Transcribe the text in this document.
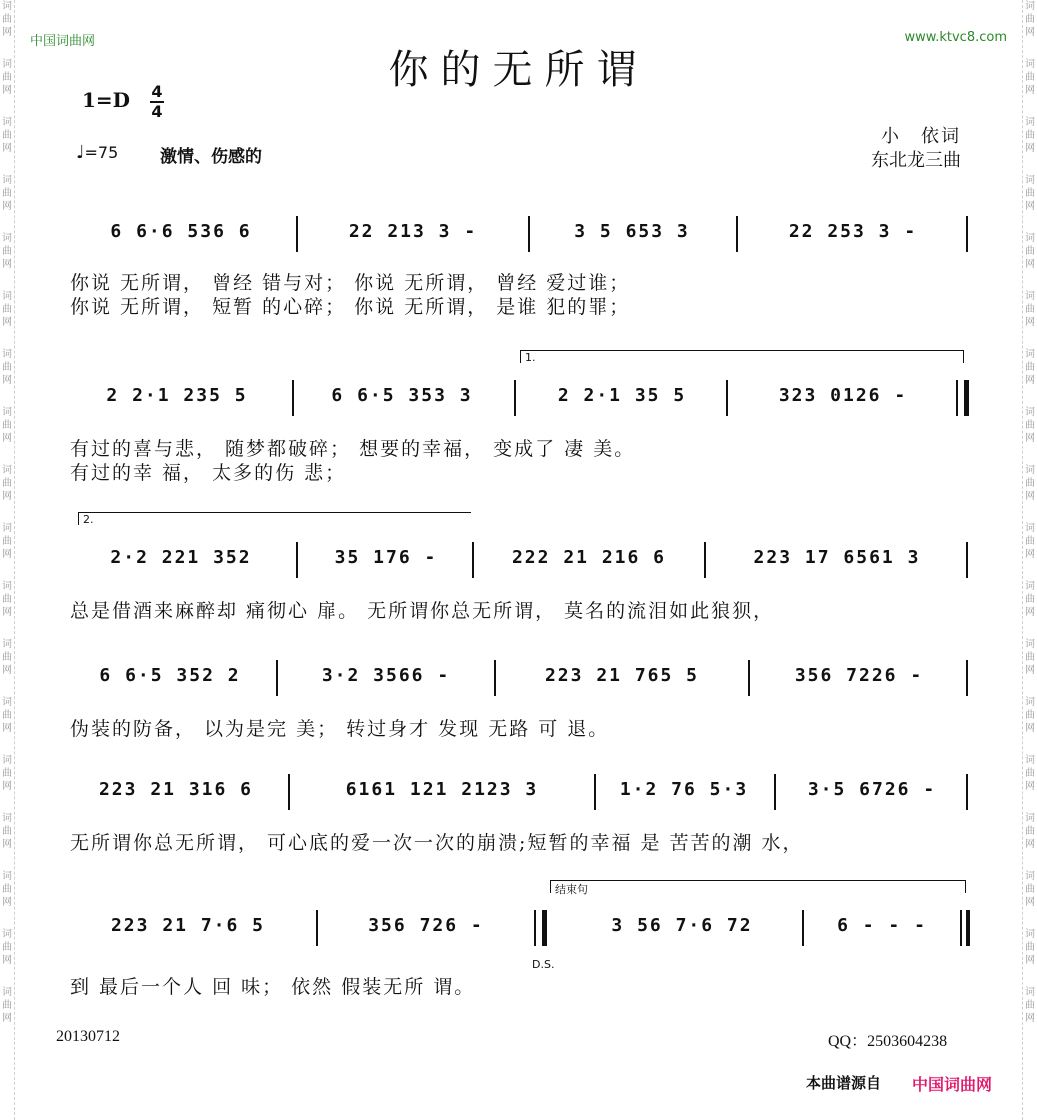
词
曲
网
词
曲
网
词
曲
网
词
曲
网
词
曲
网
词
曲
网
词
曲
网
词
曲
网
词
曲
网
词
曲
网
词
曲
网
词
曲
网
词
曲
网
词
曲
网
词
曲
网
词
曲
网
词
曲
网
词
曲
网
词
曲
网
词
曲
网
词
曲
网
词
曲
网
词
曲
网
词
曲
网
词
曲
网
词
曲
网
词
曲
网
词
曲
网
词
曲
网
词
曲
网
词
曲
网
词
曲
网
词
曲
网
词
曲
网
词
曲
网
词
曲
网
中国词曲网	www.ktvc8.com
你的无所谓
1=D 4
4
♩=75 激情、伤感的
小　依词
东北龙三曲
6 6·6 536 6	22 213 3 -	3 5 653 3	22 253 3 -
你说 无所谓， 曾经 错与对； 你说 无所谓， 曾经 爱过谁；
你说 无所谓， 短暂 的心碎； 你说 无所谓， 是谁 犯的罪；
1.
2 2·1 235 5	6 6·5 353 3	2 2·1 35 5	323 0126 -
有过的喜与悲， 随梦都破碎； 想要的幸福， 变成了 凄 美。
有过的幸 福， 太多的伤 悲；
2.
2·2 221 352	35 176 -	222 21 216 6	223 17 6561 3
总是借酒来麻醉却 痛彻心 扉。 无所谓你总无所谓， 莫名的流泪如此狼狈，
6 6·5 352 2	3·2 3566 -	223 21 765 5	356 7226 -
伪装的防备， 以为是完 美； 转过身才 发现 无路 可 退。
223 21 316 6	6161 121 2123 3	1·2 76 5·3	3·5 6726 -
无所谓你总无所谓， 可心底的爱一次一次的崩溃;短暂的幸福 是 苦苦的潮 水，
结束句
223 21 7·6 5	356 726 -	3 56 7·6 72	6 - - -
D.S.
到 最后一个人 回 味； 依然 假装无所 谓。
20130712	QQ：2503604238
本曲谱源自 中国词曲网
